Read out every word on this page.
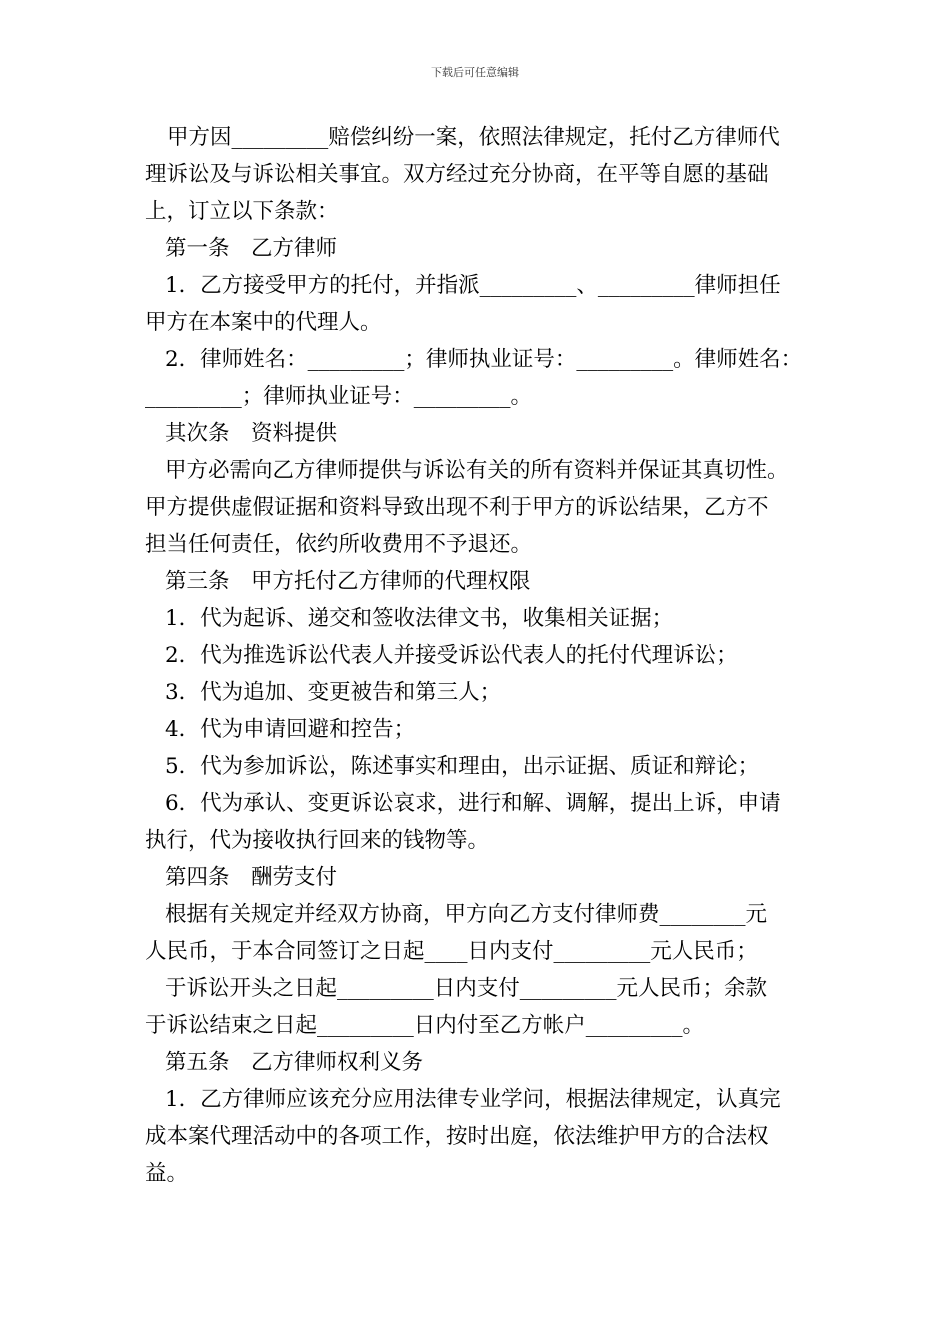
下载后可任意编辑
甲方因_________赔偿纠纷一案，依照法律规定，托付乙方律师代
理诉讼及与诉讼相关事宜。双方经过充分协商，在平等自愿的基础
上，订立以下条款：
第一条　乙方律师
1．乙方接受甲方的托付，并指派_________、_________律师担任
甲方在本案中的代理人。
2．律师姓名：_________；律师执业证号：_________。律师姓名：
_________；律师执业证号：_________。
其次条　资料提供
甲方必需向乙方律师提供与诉讼有关的所有资料并保证其真切性。
甲方提供虚假证据和资料导致出现不利于甲方的诉讼结果，乙方不
担当任何责任，依约所收费用不予退还。
第三条　甲方托付乙方律师的代理权限
1．代为起诉、递交和签收法律文书，收集相关证据；
2．代为推选诉讼代表人并接受诉讼代表人的托付代理诉讼；
3．代为追加、变更被告和第三人；
4．代为申请回避和控告；
5．代为参加诉讼，陈述事实和理由，出示证据、质证和辩论；
6．代为承认、变更诉讼哀求，进行和解、调解，提出上诉，申请
执行，代为接收执行回来的钱物等。
第四条　酬劳支付
根据有关规定并经双方协商，甲方向乙方支付律师费________元
人民币，于本合同签订之日起____日内支付_________元人民币；
于诉讼开头之日起_________日内支付_________元人民币；余款
于诉讼结束之日起_________日内付至乙方帐户_________。
第五条　乙方律师权利义务
1．乙方律师应该充分应用法律专业学问，根据法律规定，认真完
成本案代理活动中的各项工作，按时出庭，依法维护甲方的合法权
益。
